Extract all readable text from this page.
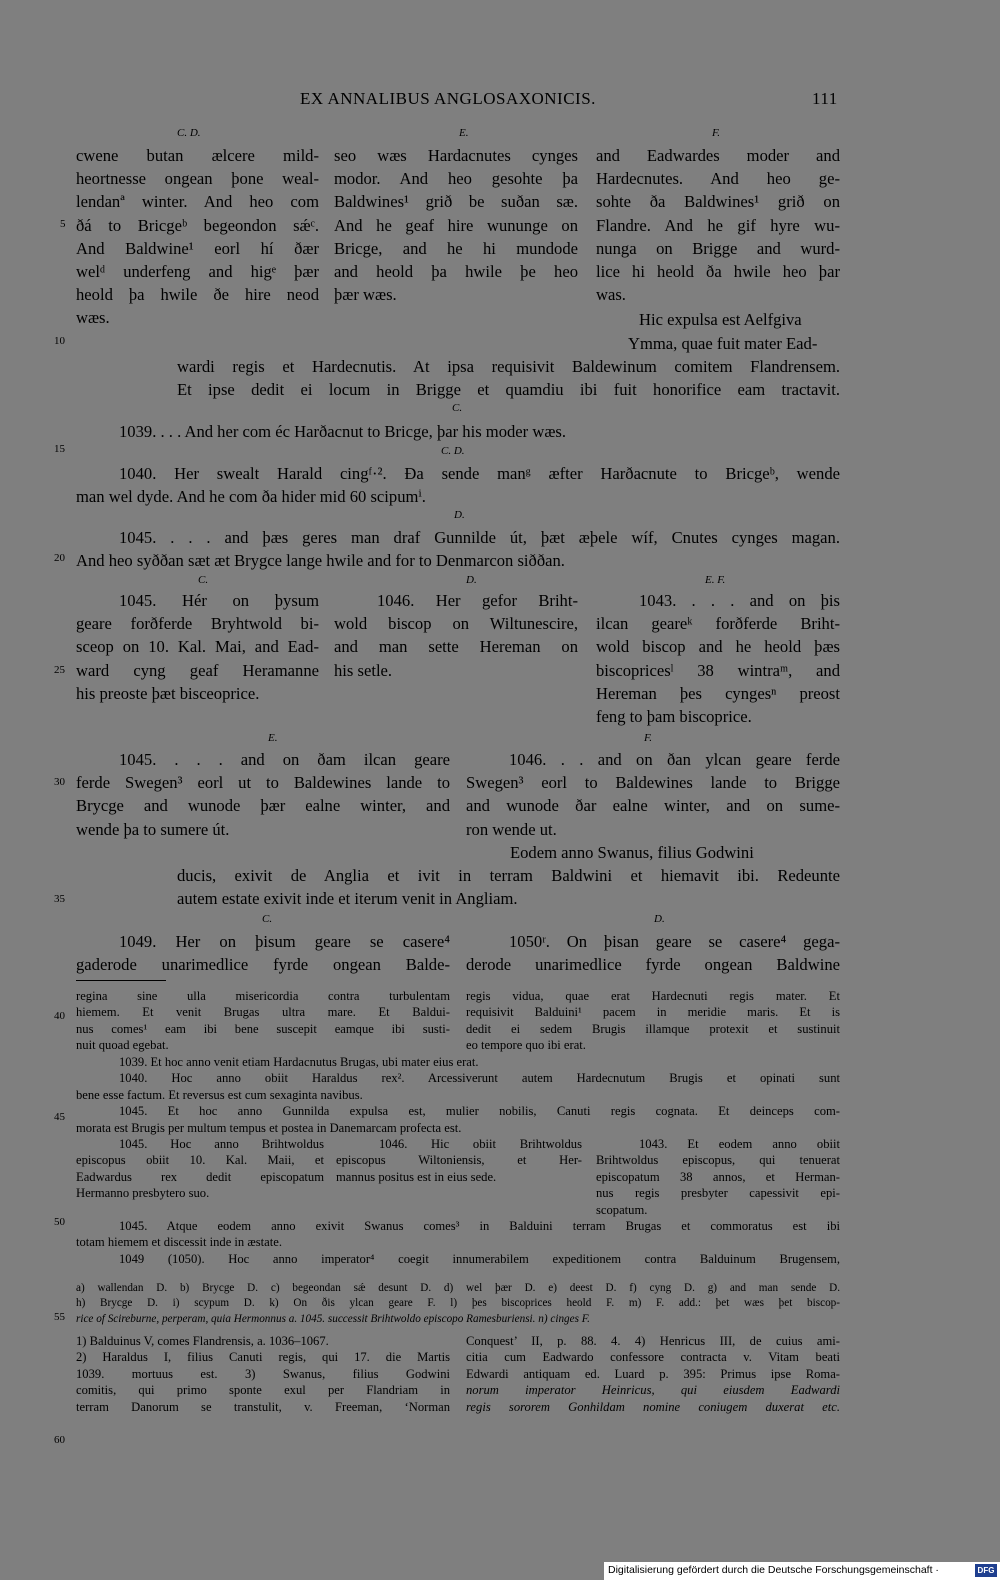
EX ANNALIBUS ANGLOSAXONICIS.	111
5
10
15
20
25
30
35
40
45
50
55
60
C. D.	E.	F.
cwene butan ælcere mild-
heortnesse ongean þone weal-
lendanª winter. And heo com
ðá to Bricgeᵇ begeondon sǽᶜ.
And Baldwine¹ eorl hí ðær
welᵈ underfeng and higᵉ þær
heold þa hwile ðe hire neod
wæs.
seo wæs Hardacnutes cynges
modor. And heo gesohte þa
Baldwines¹ grið be suðan sæ.
And he geaf hire wununge on
Bricge, and he hi mundode
and heold þa hwile þe heo
þær wæs.
and Eadwardes moder and
Hardecnutes. And heo ge-
sohte ða Baldwines¹ grið on
Flandre. And he gif hyre wu-
nunga on Brigge and wurd-
lice hi heold ða hwile heo þar
was.
Hic expulsa est Aelfgiva
Ymma, quae fuit mater Ead-
wardi regis et Hardecnutis. At ipsa requisivit Baldewinum comitem Flandrensem.
Et ipse dedit ei locum in Brigge et quamdiu ibi fuit honorifice eam tractavit.
C.
1039. . . . And her com éc Harðacnut to Bricge, þar his moder wæs.
C. D.
1040. Her swealt Harald cingᶠ·². Ða sende manᵍ æfter Harðacnute to Bricgeᵇ, wende
man wel dyde. And he com ða hider mid 60 scipumⁱ.
D.
1045. . . . and þæs geres man draf Gunnilde út, þæt æþele wíf, Cnutes cynges magan.
And heo syððan sæt æt Brygce lange hwile and for to Denmarcon siððan.
C.	D.	E. F.
1045. Hér on þysum
geare forðferde Bryhtwold bi-
sceop on 10. Kal. Mai, and Ead-
ward cyng geaf Heramanne
his preoste þæt bisceoprice.
1046. Her gefor Briht-
wold biscop on Wiltunescire,
and man sette Hereman on
his setle.
1043. . . . and on þis
ilcan geareᵏ forðferde Briht-
wold biscop and he heold þæs
biscopricesˡ 38 wintraᵐ, and
Hereman þes cyngesⁿ preost
feng to þam biscoprice.
E.	F.
1045. . . . and on ðam ilcan geare
ferde Swegen³ eorl ut to Baldewines lande to
Brycge and wunode þær ealne winter, and
wende þa to sumere út.
1046. . . and on ðan ylcan geare ferde
Swegen³ eorl to Baldewines lande to Brigge
and wunode ðar ealne winter, and on sume-
ron wende ut.
Eodem anno Swanus, filius Godwini
ducis, exivit de Anglia et ivit in terram Baldwini et hiemavit ibi. Redeunte
autem estate exivit inde et iterum venit in Angliam.
C.	D.
1049. Her on þisum geare se casere⁴
gaderode unarimedlice fyrde ongean Balde-
1050ʳ. On þisan geare se casere⁴ gega-
derode unarimedlice fyrde ongean Baldwine
regina sine ulla misericordia contra turbulentam
hiemem. Et venit Brugas ultra mare. Et Baldui-
nus comes¹ eam ibi bene suscepit eamque ibi susti-
nuit quoad egebat.
regis vidua, quae erat Hardecnuti regis mater. Et
requisivit Balduini¹ pacem in meridie maris. Et is
dedit ei sedem Brugis illamque protexit et sustinuit
eo tempore quo ibi erat.
1039. Et hoc anno venit etiam Hardacnutus Brugas, ubi mater eius erat.
1040. Hoc anno obiit Haraldus rex². Arcessiverunt autem Hardecnutum Brugis et opinati sunt
bene esse factum. Et reversus est cum sexaginta navibus.
1045. Et hoc anno Gunnilda expulsa est, mulier nobilis, Canuti regis cognata. Et deinceps com-
morata est Brugis per multum tempus et postea in Danemarcam profecta est.
1045. Hoc anno Brihtwoldus
episcopus obiit 10. Kal. Maii, et
Eadwardus rex dedit episcopatum
Hermanno presbytero suo.
1046. Hic obiit Brihtwoldus
episcopus Wiltoniensis, et Her-
mannus positus est in eius sede.
1043. Et eodem anno obiit
Brihtwoldus episcopus, qui tenuerat
episcopatum 38 annos, et Herman-
nus regis presbyter capessivit epi-
scopatum.
1045. Atque eodem anno exivit Swanus comes³ in Balduini terram Brugas et commoratus est ibi
totam hiemem et discessit inde in æstate.
1049 (1050). Hoc anno imperator⁴ coegit innumerabilem expeditionem contra Balduinum Brugensem,
a) wallendan D. b) Brycge D. c) begeondan sǽ desunt D. d) wel þær D. e) deest D. f) cyng D. g) and man sende D.
h) Brycge D. i) scypum D. k) On ðis ylcan geare F. l) þes biscoprices heold F. m) F. add.: þet wæs þet biscop-
rice of Scireburne, perperam, quia Hermonnus a. 1045. successit Brihtwoldo episcopo Ramesburiensi. n) cinges F.
1) Balduinus V, comes Flandrensis, a. 1036–1067.
2) Haraldus I, filius Canuti regis, qui 17. die Martis
1039. mortuus est. 3) Swanus, filius Godwini
comitis, qui primo sponte exul per Flandriam in
terram Danorum se transtulit, v. Freeman, ‘Norman
Conquest’ II, p. 88. 4. 4) Henricus III, de cuius ami-
citia cum Eadwardo confessore contracta v. Vitam beati
Edwardi antiquam ed. Luard p. 395: Primus ipse Roma-
norum imperator Heinricus, qui eiusdem Eadwardi
regis sororem Gonhildam nomine coniugem duxerat etc.
Digitalisierung gefördert durch die Deutsche Forschungsgemeinschaft ·	DFG
